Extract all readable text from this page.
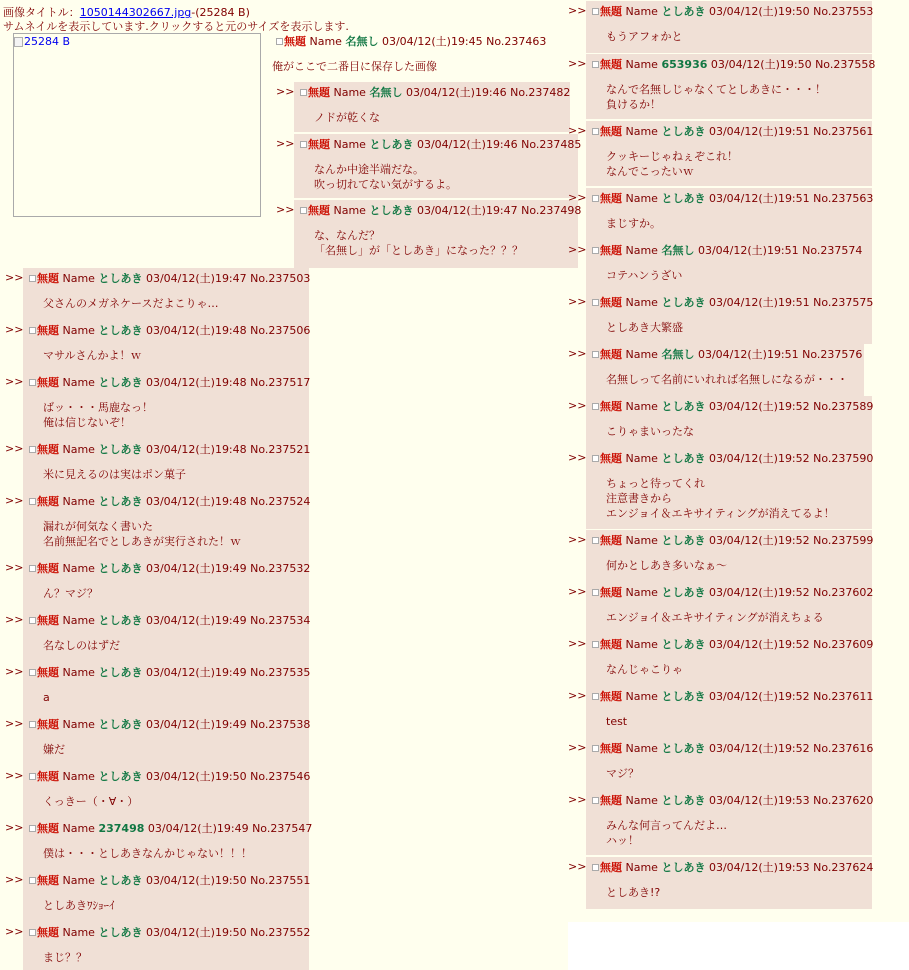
画像タイトル：1050144302667.jpg-(25284 B)
サムネイルを表示しています.クリックすると元のサイズを表示します.
25284 B	無題 Name 名無し 03/04/12(土)19:45 No.237463
俺がここで二番目に保存した画像
>>	無題 Name 名無し 03/04/12(土)19:46 No.237482
ノドが乾くな
>>	無題 Name としあき 03/04/12(土)19:46 No.237485
なんか中途半端だな。
吹っ切れてない気がするよ。
>>	無題 Name としあき 03/04/12(土)19:47 No.237498
な、なんだ？
「名無し」が「としあき」になった？？？
>>	無題 Name としあき 03/04/12(土)19:47 No.237503
父さんのメガネケースだよこりゃ…
>>	無題 Name としあき 03/04/12(土)19:48 No.237506
マサルさんかよ！ｗ
>>	無題 Name としあき 03/04/12(土)19:48 No.237517
ばッ・・・馬鹿なっ！
俺は信じないぞ！
>>	無題 Name としあき 03/04/12(土)19:48 No.237521
米に見えるのは実はポン菓子
>>	無題 Name としあき 03/04/12(土)19:48 No.237524
漏れが何気なく書いた
名前無記名でとしあきが実行された！ｗ
>>	無題 Name としあき 03/04/12(土)19:49 No.237532
ん？マジ？
>>	無題 Name としあき 03/04/12(土)19:49 No.237534
名なしのはずだ
>>	無題 Name としあき 03/04/12(土)19:49 No.237535
a
>>	無題 Name としあき 03/04/12(土)19:49 No.237538
嫌だ
>>	無題 Name としあき 03/04/12(土)19:50 No.237546
くっきー（・∀・）
>>	無題 Name 237498 03/04/12(土)19:49 No.237547
僕は・・・としあきなんかじゃない！！！
>>	無題 Name としあき 03/04/12(土)19:50 No.237551
としあきﾜｼｮｰｲ
>>	無題 Name としあき 03/04/12(土)19:50 No.237552
まじ？？
>>	無題 Name としあき 03/04/12(土)19:50 No.237553
もうアフォかと
>>	無題 Name 653936 03/04/12(土)19:50 No.237558
なんで名無しじゃなくてとしあきに・・・！
負けるか！
>>	無題 Name としあき 03/04/12(土)19:51 No.237561
クッキーじゃねぇぞこれ！
なんでこったいｗ
>>	無題 Name としあき 03/04/12(土)19:51 No.237563
まじすか。
>>	無題 Name 名無し 03/04/12(土)19:51 No.237574
コテハンうざい
>>	無題 Name としあき 03/04/12(土)19:51 No.237575
としあき大繁盛
>>	無題 Name 名無し 03/04/12(土)19:51 No.237576
名無しって名前にいれれば名無しになるが・・・
>>	無題 Name としあき 03/04/12(土)19:52 No.237589
こりゃまいったな
>>	無題 Name としあき 03/04/12(土)19:52 No.237590
ちょっと待ってくれ
注意書きから
エンジョイ＆エキサイティングが消えてるよ！
>>	無題 Name としあき 03/04/12(土)19:52 No.237599
何かとしあき多いなぁ～
>>	無題 Name としあき 03/04/12(土)19:52 No.237602
エンジョイ＆エキサイティングが消えちょる
>>	無題 Name としあき 03/04/12(土)19:52 No.237609
なんじゃこりゃ
>>	無題 Name としあき 03/04/12(土)19:52 No.237611
test
>>	無題 Name としあき 03/04/12(土)19:52 No.237616
マジ？
>>	無題 Name としあき 03/04/12(土)19:53 No.237620
みんな何言ってんだよ…
ハッ！
>>	無題 Name としあき 03/04/12(土)19:53 No.237624
としあき!?
